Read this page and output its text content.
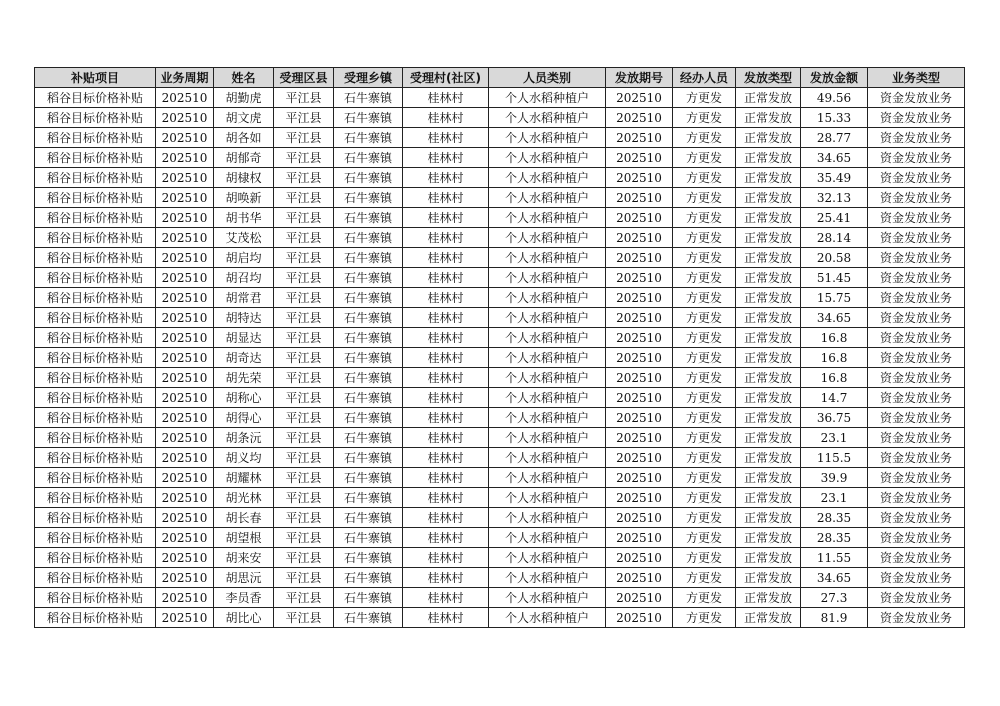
补贴项目	业务周期	姓名	受理区县	受理乡镇	受理村(社区)	人员类别	发放期号	经办人员	发放类型	发放金额	业务类型
稻谷目标价格补贴	202510	胡勤虎	平江县	石牛寨镇	桂林村	个人水稻种植户	202510	方更发	正常发放	49.56	资金发放业务
稻谷目标价格补贴	202510	胡文虎	平江县	石牛寨镇	桂林村	个人水稻种植户	202510	方更发	正常发放	15.33	资金发放业务
稻谷目标价格补贴	202510	胡各如	平江县	石牛寨镇	桂林村	个人水稻种植户	202510	方更发	正常发放	28.77	资金发放业务
稻谷目标价格补贴	202510	胡郁奇	平江县	石牛寨镇	桂林村	个人水稻种植户	202510	方更发	正常发放	34.65	资金发放业务
稻谷目标价格补贴	202510	胡棣权	平江县	石牛寨镇	桂林村	个人水稻种植户	202510	方更发	正常发放	35.49	资金发放业务
稻谷目标价格补贴	202510	胡唤新	平江县	石牛寨镇	桂林村	个人水稻种植户	202510	方更发	正常发放	32.13	资金发放业务
稻谷目标价格补贴	202510	胡书华	平江县	石牛寨镇	桂林村	个人水稻种植户	202510	方更发	正常发放	25.41	资金发放业务
稻谷目标价格补贴	202510	艾茂松	平江县	石牛寨镇	桂林村	个人水稻种植户	202510	方更发	正常发放	28.14	资金发放业务
稻谷目标价格补贴	202510	胡启均	平江县	石牛寨镇	桂林村	个人水稻种植户	202510	方更发	正常发放	20.58	资金发放业务
稻谷目标价格补贴	202510	胡召均	平江县	石牛寨镇	桂林村	个人水稻种植户	202510	方更发	正常发放	51.45	资金发放业务
稻谷目标价格补贴	202510	胡常君	平江县	石牛寨镇	桂林村	个人水稻种植户	202510	方更发	正常发放	15.75	资金发放业务
稻谷目标价格补贴	202510	胡特达	平江县	石牛寨镇	桂林村	个人水稻种植户	202510	方更发	正常发放	34.65	资金发放业务
稻谷目标价格补贴	202510	胡显达	平江县	石牛寨镇	桂林村	个人水稻种植户	202510	方更发	正常发放	16.8	资金发放业务
稻谷目标价格补贴	202510	胡奇达	平江县	石牛寨镇	桂林村	个人水稻种植户	202510	方更发	正常发放	16.8	资金发放业务
稻谷目标价格补贴	202510	胡先荣	平江县	石牛寨镇	桂林村	个人水稻种植户	202510	方更发	正常发放	16.8	资金发放业务
稻谷目标价格补贴	202510	胡称心	平江县	石牛寨镇	桂林村	个人水稻种植户	202510	方更发	正常发放	14.7	资金发放业务
稻谷目标价格补贴	202510	胡得心	平江县	石牛寨镇	桂林村	个人水稻种植户	202510	方更发	正常发放	36.75	资金发放业务
稻谷目标价格补贴	202510	胡条沅	平江县	石牛寨镇	桂林村	个人水稻种植户	202510	方更发	正常发放	23.1	资金发放业务
稻谷目标价格补贴	202510	胡义均	平江县	石牛寨镇	桂林村	个人水稻种植户	202510	方更发	正常发放	115.5	资金发放业务
稻谷目标价格补贴	202510	胡耀林	平江县	石牛寨镇	桂林村	个人水稻种植户	202510	方更发	正常发放	39.9	资金发放业务
稻谷目标价格补贴	202510	胡光林	平江县	石牛寨镇	桂林村	个人水稻种植户	202510	方更发	正常发放	23.1	资金发放业务
稻谷目标价格补贴	202510	胡长春	平江县	石牛寨镇	桂林村	个人水稻种植户	202510	方更发	正常发放	28.35	资金发放业务
稻谷目标价格补贴	202510	胡望根	平江县	石牛寨镇	桂林村	个人水稻种植户	202510	方更发	正常发放	28.35	资金发放业务
稻谷目标价格补贴	202510	胡来安	平江县	石牛寨镇	桂林村	个人水稻种植户	202510	方更发	正常发放	11.55	资金发放业务
稻谷目标价格补贴	202510	胡思沅	平江县	石牛寨镇	桂林村	个人水稻种植户	202510	方更发	正常发放	34.65	资金发放业务
稻谷目标价格补贴	202510	李员香	平江县	石牛寨镇	桂林村	个人水稻种植户	202510	方更发	正常发放	27.3	资金发放业务
稻谷目标价格补贴	202510	胡比心	平江县	石牛寨镇	桂林村	个人水稻种植户	202510	方更发	正常发放	81.9	资金发放业务
